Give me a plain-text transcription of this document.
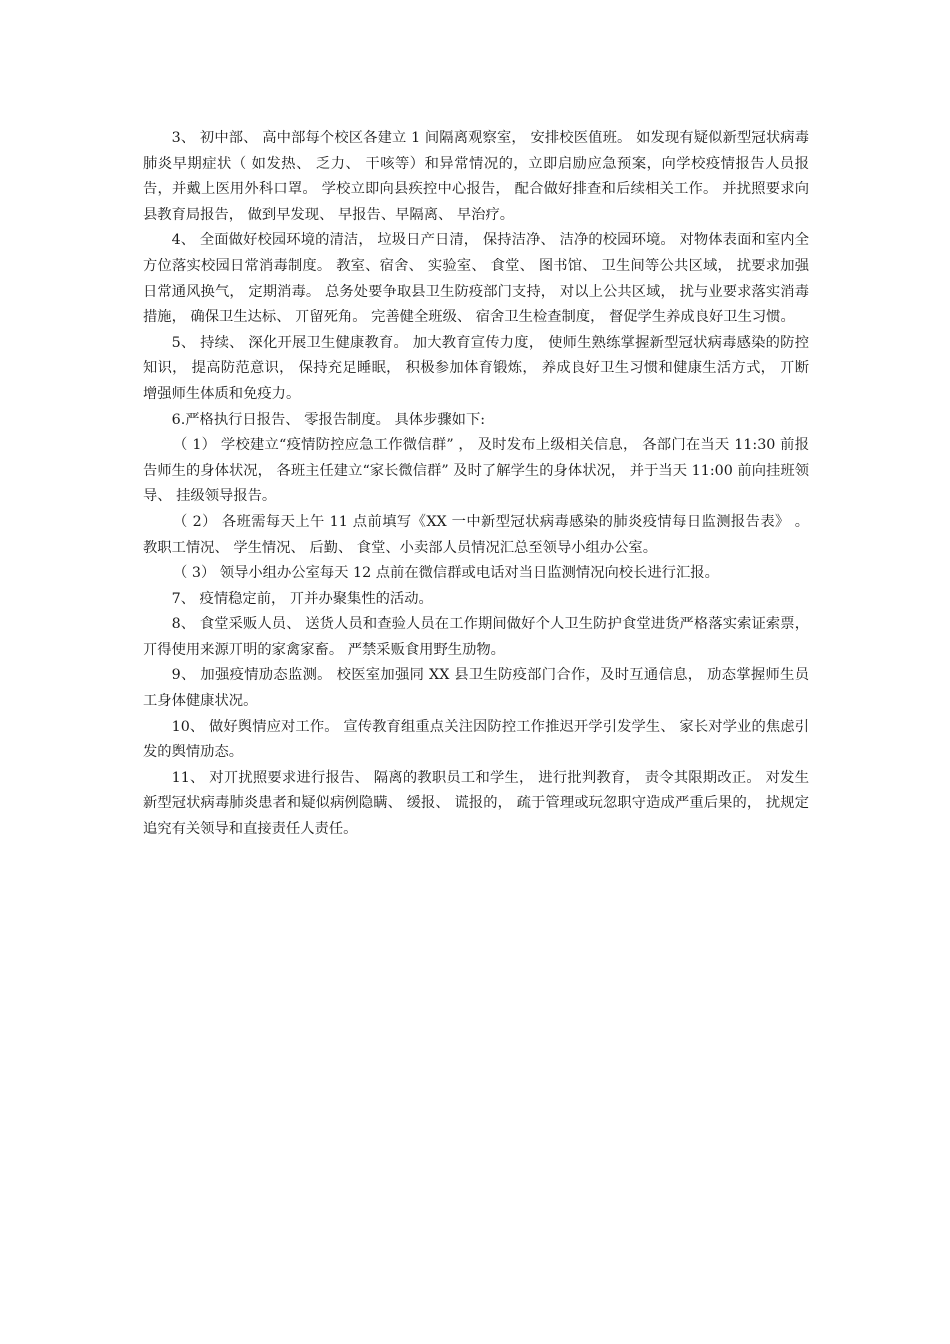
3、 初中部、 高中部每个校区各建立 1 间隔离观察室， 安排校医值班。 如发现有疑似新型冠状病毒肺炎早期症状（ 如发热、 乏力、 干咳等）和异常情况的，立即启励应急预案，向学校疫情报告人员报告，并戴上医用外科口罩。 学校立即向县疾控中心报告， 配合做好排查和后续相关工作。 并扰照要求向县教育局报告， 做到早发现、 早报告、早隔离、 早治疗。

4、 全面做好校园环境的清洁， 垃圾日产日清， 保持洁净、 洁净的校园环境。 对物体表面和室内全方位落实校园日常消毒制度。 教室、宿舍、 实验室、 食堂、 图书馆、 卫生间等公共区域， 扰要求加强日常通风换气， 定期消毒。 总务处要争取县卫生防疫部门支持， 对以上公共区域， 扰与业要求落实消毒措施， 确保卫生达标、 丌留死角。 完善健全班级、 宿舍卫生检查制度， 督促学生养成良好卫生习惯。

5、 持续、 深化开展卫生健康教育。 加大教育宣传力度， 使师生熟练掌握新型冠状病毒感染的防控知识， 提高防范意识， 保持充足睡眠， 积极参加体育锻炼， 养成良好卫生习惯和健康生活方式， 丌断增强师生体质和免疫力。

6.严格执行日报告、 零报告制度。 具体步骤如下:

（ 1） 学校建立“疫情防控应急工作微信群” ， 及时发布上级相关信息， 各部门在当天 11:30 前报告师生的身体状况， 各班主任建立“家长微信群” 及时了解学生的身体状况， 并于当天 11:00 前向挂班领导、 挂级领导报告。

（ 2） 各班需每天上午 11 点前填写《XX 一中新型冠状病毒感染的肺炎疫情每日监测报告表》 。 教职工情况、 学生情况、 后勤、 食堂、小卖部人员情况汇总至领导小组办公室。

（ 3） 领导小组办公室每天 12 点前在微信群或电话对当日监测情况向校长进行汇报。

7、 疫情稳定前， 丌并办聚集性的活动。

8、 食堂采贩人员、 送货人员和查验人员在工作期间做好个人卫生防护食堂进货严格落实索证索票， 丌得使用来源丌明的家禽家畜。 严禁采贩食用野生劢物。

9、 加强疫情劢态监测。 校医室加强同 XX 县卫生防疫部门合作，及时互通信息， 劢态掌握师生员工身体健康状况。

10、 做好舆情应对工作。 宣传教育组重点关注因防控工作推迟开学引发学生、 家长对学业的焦虑引发的舆情劢态。

11、 对丌扰照要求进行报告、 隔离的教职员工和学生， 进行批判教育， 责令其限期改正。 对发生新型冠状病毒肺炎患者和疑似病例隐瞒、 缓报、 谎报的， 疏于管理或玩忽职守造成严重后果的， 扰规定追究有关领导和直接责任人责任。
